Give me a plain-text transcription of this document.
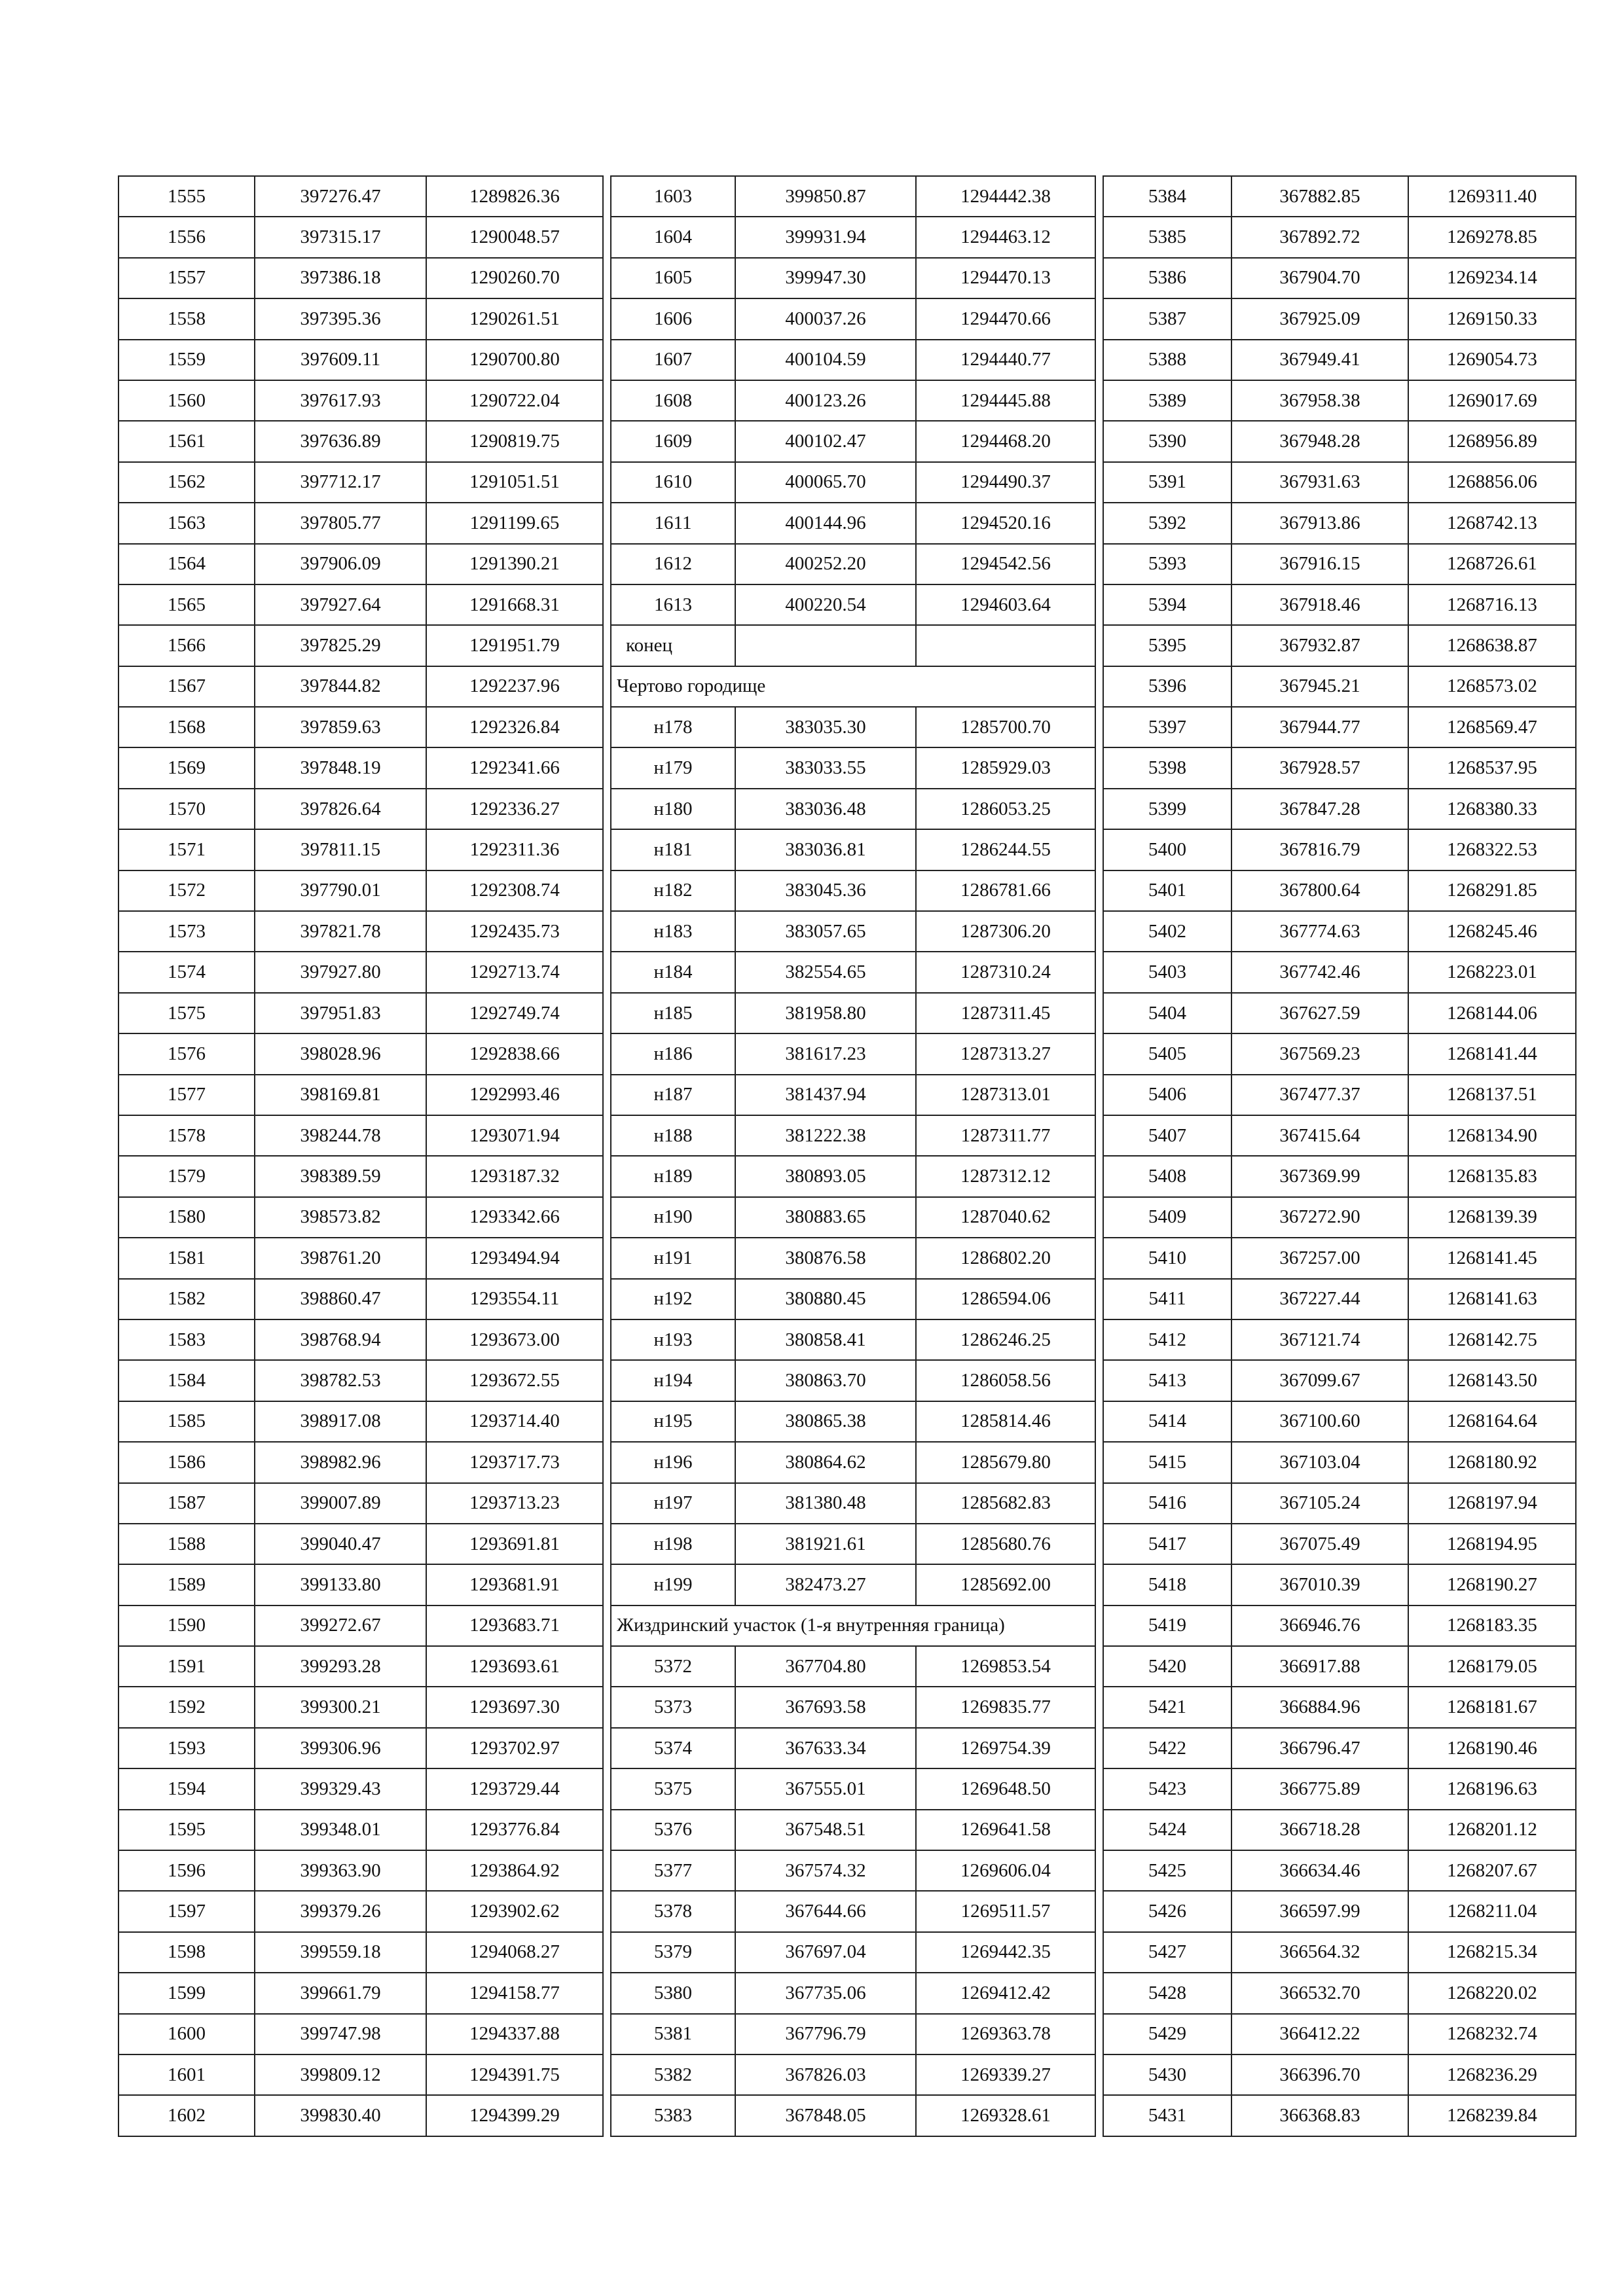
1555	397276.47	1289826.36
1556	397315.17	1290048.57
1557	397386.18	1290260.70
1558	397395.36	1290261.51
1559	397609.11	1290700.80
1560	397617.93	1290722.04
1561	397636.89	1290819.75
1562	397712.17	1291051.51
1563	397805.77	1291199.65
1564	397906.09	1291390.21
1565	397927.64	1291668.31
1566	397825.29	1291951.79
1567	397844.82	1292237.96
1568	397859.63	1292326.84
1569	397848.19	1292341.66
1570	397826.64	1292336.27
1571	397811.15	1292311.36
1572	397790.01	1292308.74
1573	397821.78	1292435.73
1574	397927.80	1292713.74
1575	397951.83	1292749.74
1576	398028.96	1292838.66
1577	398169.81	1292993.46
1578	398244.78	1293071.94
1579	398389.59	1293187.32
1580	398573.82	1293342.66
1581	398761.20	1293494.94
1582	398860.47	1293554.11
1583	398768.94	1293673.00
1584	398782.53	1293672.55
1585	398917.08	1293714.40
1586	398982.96	1293717.73
1587	399007.89	1293713.23
1588	399040.47	1293691.81
1589	399133.80	1293681.91
1590	399272.67	1293683.71
1591	399293.28	1293693.61
1592	399300.21	1293697.30
1593	399306.96	1293702.97
1594	399329.43	1293729.44
1595	399348.01	1293776.84
1596	399363.90	1293864.92
1597	399379.26	1293902.62
1598	399559.18	1294068.27
1599	399661.79	1294158.77
1600	399747.98	1294337.88
1601	399809.12	1294391.75
1602	399830.40	1294399.29
1603	399850.87	1294442.38
1604	399931.94	1294463.12
1605	399947.30	1294470.13
1606	400037.26	1294470.66
1607	400104.59	1294440.77
1608	400123.26	1294445.88
1609	400102.47	1294468.20
1610	400065.70	1294490.37
1611	400144.96	1294520.16
1612	400252.20	1294542.56
1613	400220.54	1294603.64
конец		
Чертово городище		
н178	383035.30	1285700.70
н179	383033.55	1285929.03
н180	383036.48	1286053.25
н181	383036.81	1286244.55
н182	383045.36	1286781.66
н183	383057.65	1287306.20
н184	382554.65	1287310.24
н185	381958.80	1287311.45
н186	381617.23	1287313.27
н187	381437.94	1287313.01
н188	381222.38	1287311.77
н189	380893.05	1287312.12
н190	380883.65	1287040.62
н191	380876.58	1286802.20
н192	380880.45	1286594.06
н193	380858.41	1286246.25
н194	380863.70	1286058.56
н195	380865.38	1285814.46
н196	380864.62	1285679.80
н197	381380.48	1285682.83
н198	381921.61	1285680.76
н199	382473.27	1285692.00
Жиздринский участок (1-я внутренняя граница)		
5372	367704.80	1269853.54
5373	367693.58	1269835.77
5374	367633.34	1269754.39
5375	367555.01	1269648.50
5376	367548.51	1269641.58
5377	367574.32	1269606.04
5378	367644.66	1269511.57
5379	367697.04	1269442.35
5380	367735.06	1269412.42
5381	367796.79	1269363.78
5382	367826.03	1269339.27
5383	367848.05	1269328.61
5384	367882.85	1269311.40
5385	367892.72	1269278.85
5386	367904.70	1269234.14
5387	367925.09	1269150.33
5388	367949.41	1269054.73
5389	367958.38	1269017.69
5390	367948.28	1268956.89
5391	367931.63	1268856.06
5392	367913.86	1268742.13
5393	367916.15	1268726.61
5394	367918.46	1268716.13
5395	367932.87	1268638.87
5396	367945.21	1268573.02
5397	367944.77	1268569.47
5398	367928.57	1268537.95
5399	367847.28	1268380.33
5400	367816.79	1268322.53
5401	367800.64	1268291.85
5402	367774.63	1268245.46
5403	367742.46	1268223.01
5404	367627.59	1268144.06
5405	367569.23	1268141.44
5406	367477.37	1268137.51
5407	367415.64	1268134.90
5408	367369.99	1268135.83
5409	367272.90	1268139.39
5410	367257.00	1268141.45
5411	367227.44	1268141.63
5412	367121.74	1268142.75
5413	367099.67	1268143.50
5414	367100.60	1268164.64
5415	367103.04	1268180.92
5416	367105.24	1268197.94
5417	367075.49	1268194.95
5418	367010.39	1268190.27
5419	366946.76	1268183.35
5420	366917.88	1268179.05
5421	366884.96	1268181.67
5422	366796.47	1268190.46
5423	366775.89	1268196.63
5424	366718.28	1268201.12
5425	366634.46	1268207.67
5426	366597.99	1268211.04
5427	366564.32	1268215.34
5428	366532.70	1268220.02
5429	366412.22	1268232.74
5430	366396.70	1268236.29
5431	366368.83	1268239.84
